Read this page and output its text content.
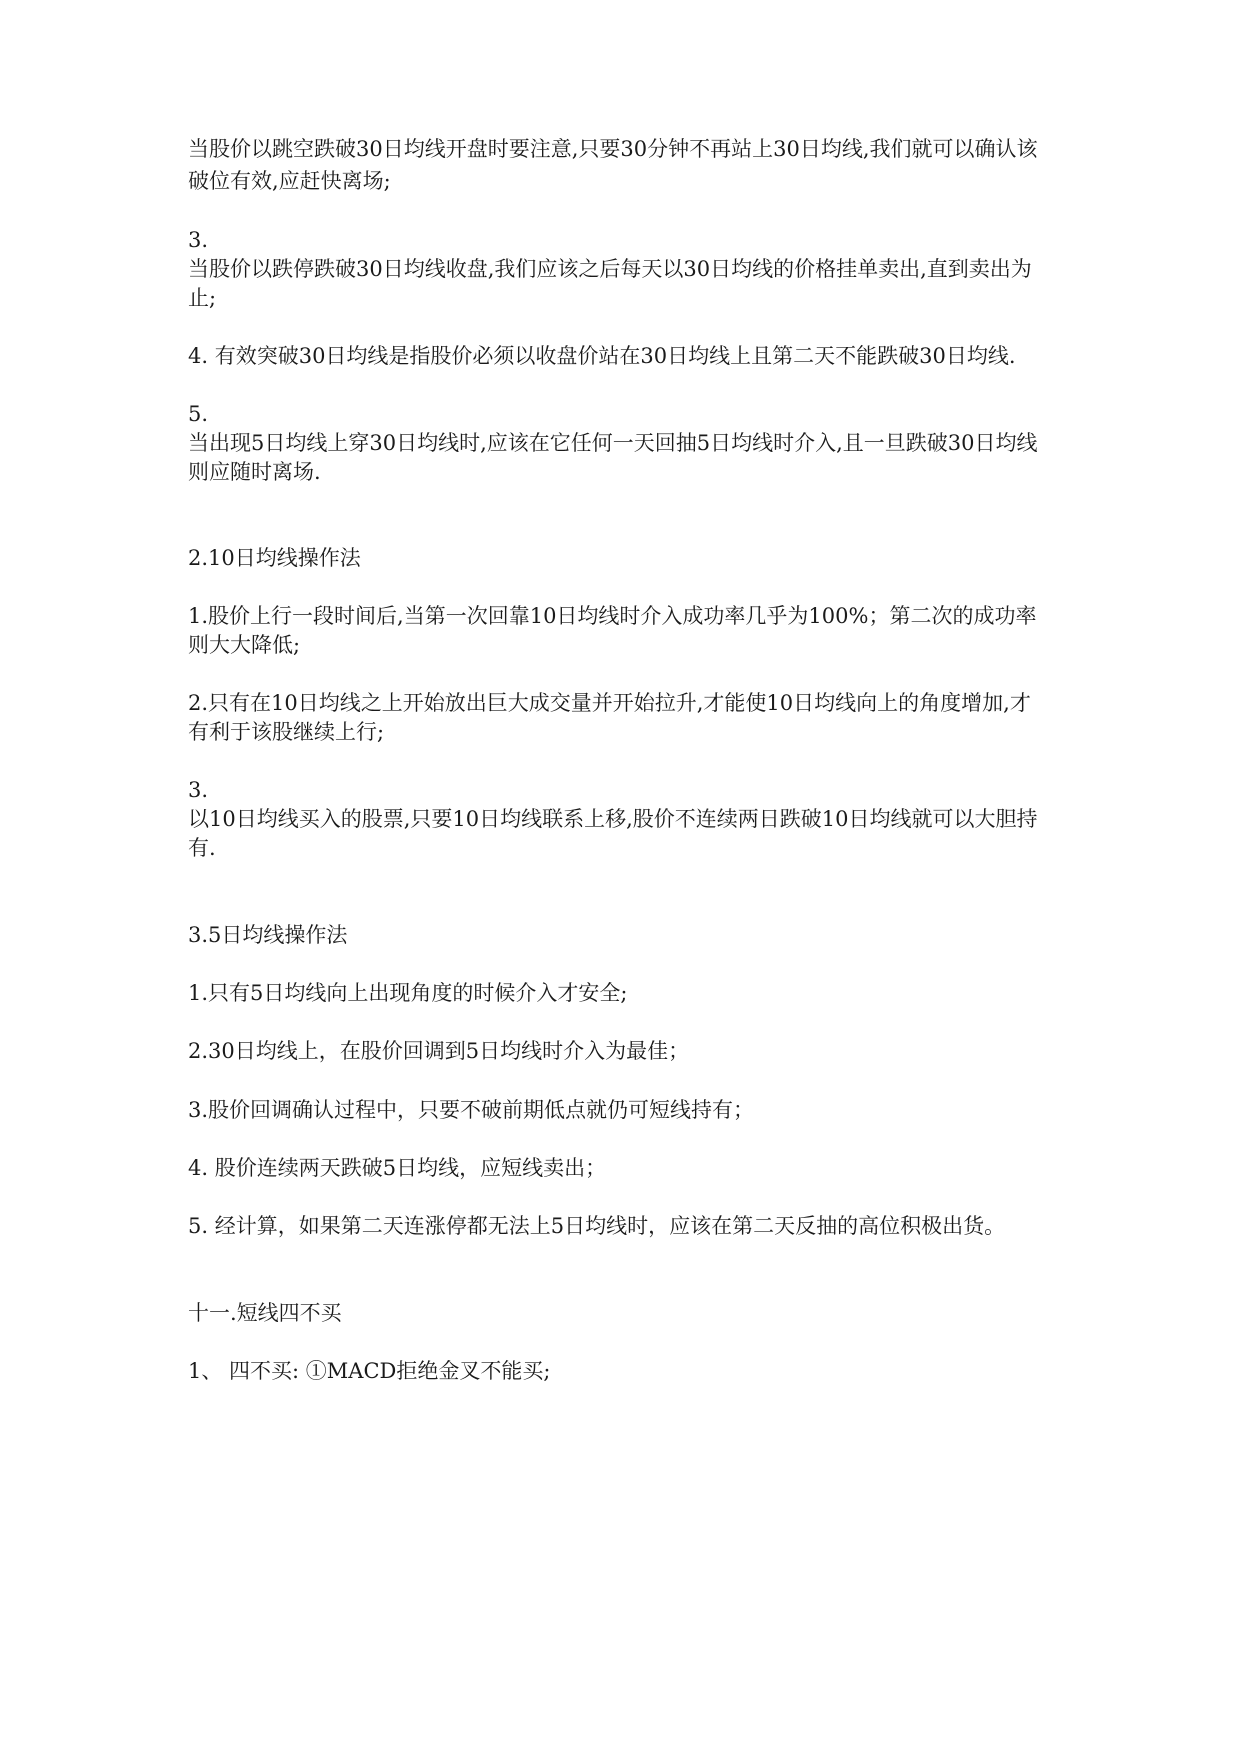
当股价以跳空跌破30日均线开盘时要注意,只要30分钟不再站上30日均线,我们就可以确认该
破位有效,应赶快离场;
3.
当股价以跌停跌破30日均线收盘,我们应该之后每天以30日均线的价格挂单卖出,直到卖出为
止;
4. 有效突破30日均线是指股价必须以收盘价站在30日均线上且第二天不能跌破30日均线.
5.
当出现5日均线上穿30日均线时,应该在它任何一天回抽5日均线时介入,且一旦跌破30日均线
则应随时离场.
2.10日均线操作法
1.股价上行一段时间后,当第一次回靠10日均线时介入成功率几乎为100%；第二次的成功率
则大大降低;
2.只有在10日均线之上开始放出巨大成交量并开始拉升,才能使10日均线向上的角度增加,才
有利于该股继续上行;
3.
以10日均线买入的股票,只要10日均线联系上移,股价不连续两日跌破10日均线就可以大胆持
有.
3.5日均线操作法
1.只有5日均线向上出现角度的时候介入才安全;
2.30日均线上，在股价回调到5日均线时介入为最佳；
3.股价回调确认过程中，只要不破前期低点就仍可短线持有；
4. 股价连续两天跌破5日均线，应短线卖出；
5. 经计算，如果第二天连涨停都无法上5日均线时，应该在第二天反抽的高位积极出货。
十一.短线四不买
1、 四不买: ①MACD拒绝金叉不能买;
